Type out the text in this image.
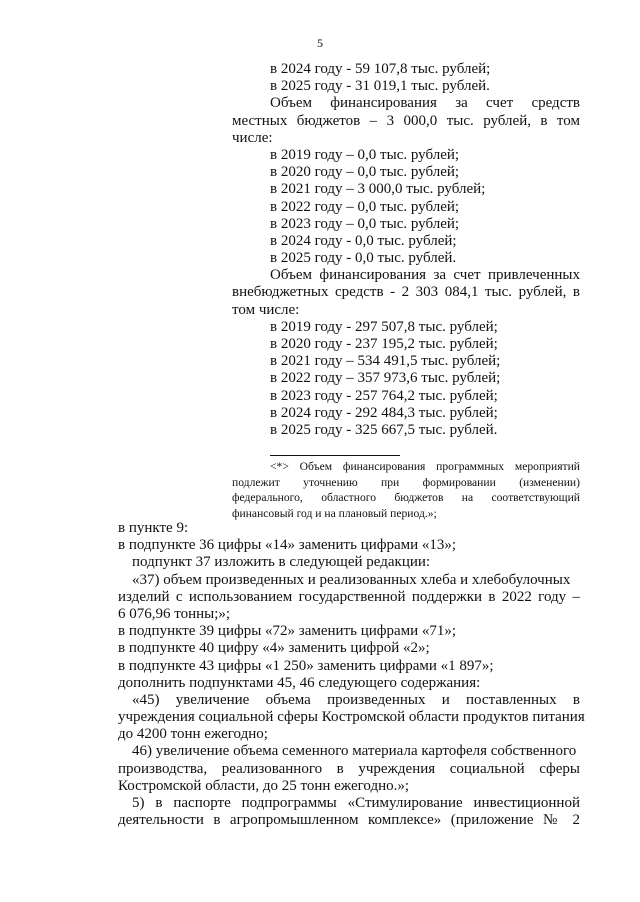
5
в 2024 году - 59 107,8 тыс. рублей;
в 2025 году - 31 019,1 тыс. рублей.
Объем финансирования за счет средств
местных бюджетов – 3 000,0 тыс. рублей, в том
числе:
в 2019 году – 0,0 тыс. рублей;
в 2020 году – 0,0 тыс. рублей;
в 2021 году – 3 000,0 тыс. рублей;
в 2022 году – 0,0 тыс. рублей;
в 2023 году – 0,0 тыс. рублей;
в 2024 году - 0,0 тыс. рублей;
в 2025 году - 0,0 тыс. рублей.
Объем финансирования за счет привлеченных
внебюджетных средств - 2 303 084,1 тыс. рублей, в
том числе:
в 2019 году - 297 507,8 тыс. рублей;
в 2020 году - 237 195,2 тыс. рублей;
в 2021 году – 534 491,5 тыс. рублей;
в 2022 году – 357 973,6 тыс. рублей;
в 2023 году - 257 764,2 тыс. рублей;
в 2024 году - 292 484,3 тыс. рублей;
в 2025 году - 325 667,5 тыс. рублей.
<*> Объем финансирования программных мероприятий
подлежит уточнению при формировании (изменении)
федерального, областного бюджетов на соответствующий
финансовый год и на плановый период.»;
в пункте 9:
в подпункте 36 цифры «14» заменить цифрами «13»;
подпункт 37 изложить в следующей редакции:
«37) объем произведенных и реализованных хлеба и хлебобулочных
изделий с использованием государственной поддержки в 2022 году –
6 076,96 тонны;»;
в подпункте 39 цифры «72» заменить цифрами «71»;
в подпункте 40 цифру «4» заменить цифрой «2»;
в подпункте 43 цифры «1 250» заменить цифрами «1 897»;
дополнить подпунктами 45, 46 следующего содержания:
«45) увеличение объема произведенных и поставленных в
учреждения социальной сферы Костромской области продуктов питания
до 4200 тонн ежегодно;
46) увеличение объема семенного материала картофеля собственного
производства, реализованного в учреждения социальной сферы
Костромской области, до 25 тонн ежегодно.»;
5) в паспорте подпрограммы «Стимулирование инвестиционной
деятельности в агропромышленном комплексе» (приложение № 2
